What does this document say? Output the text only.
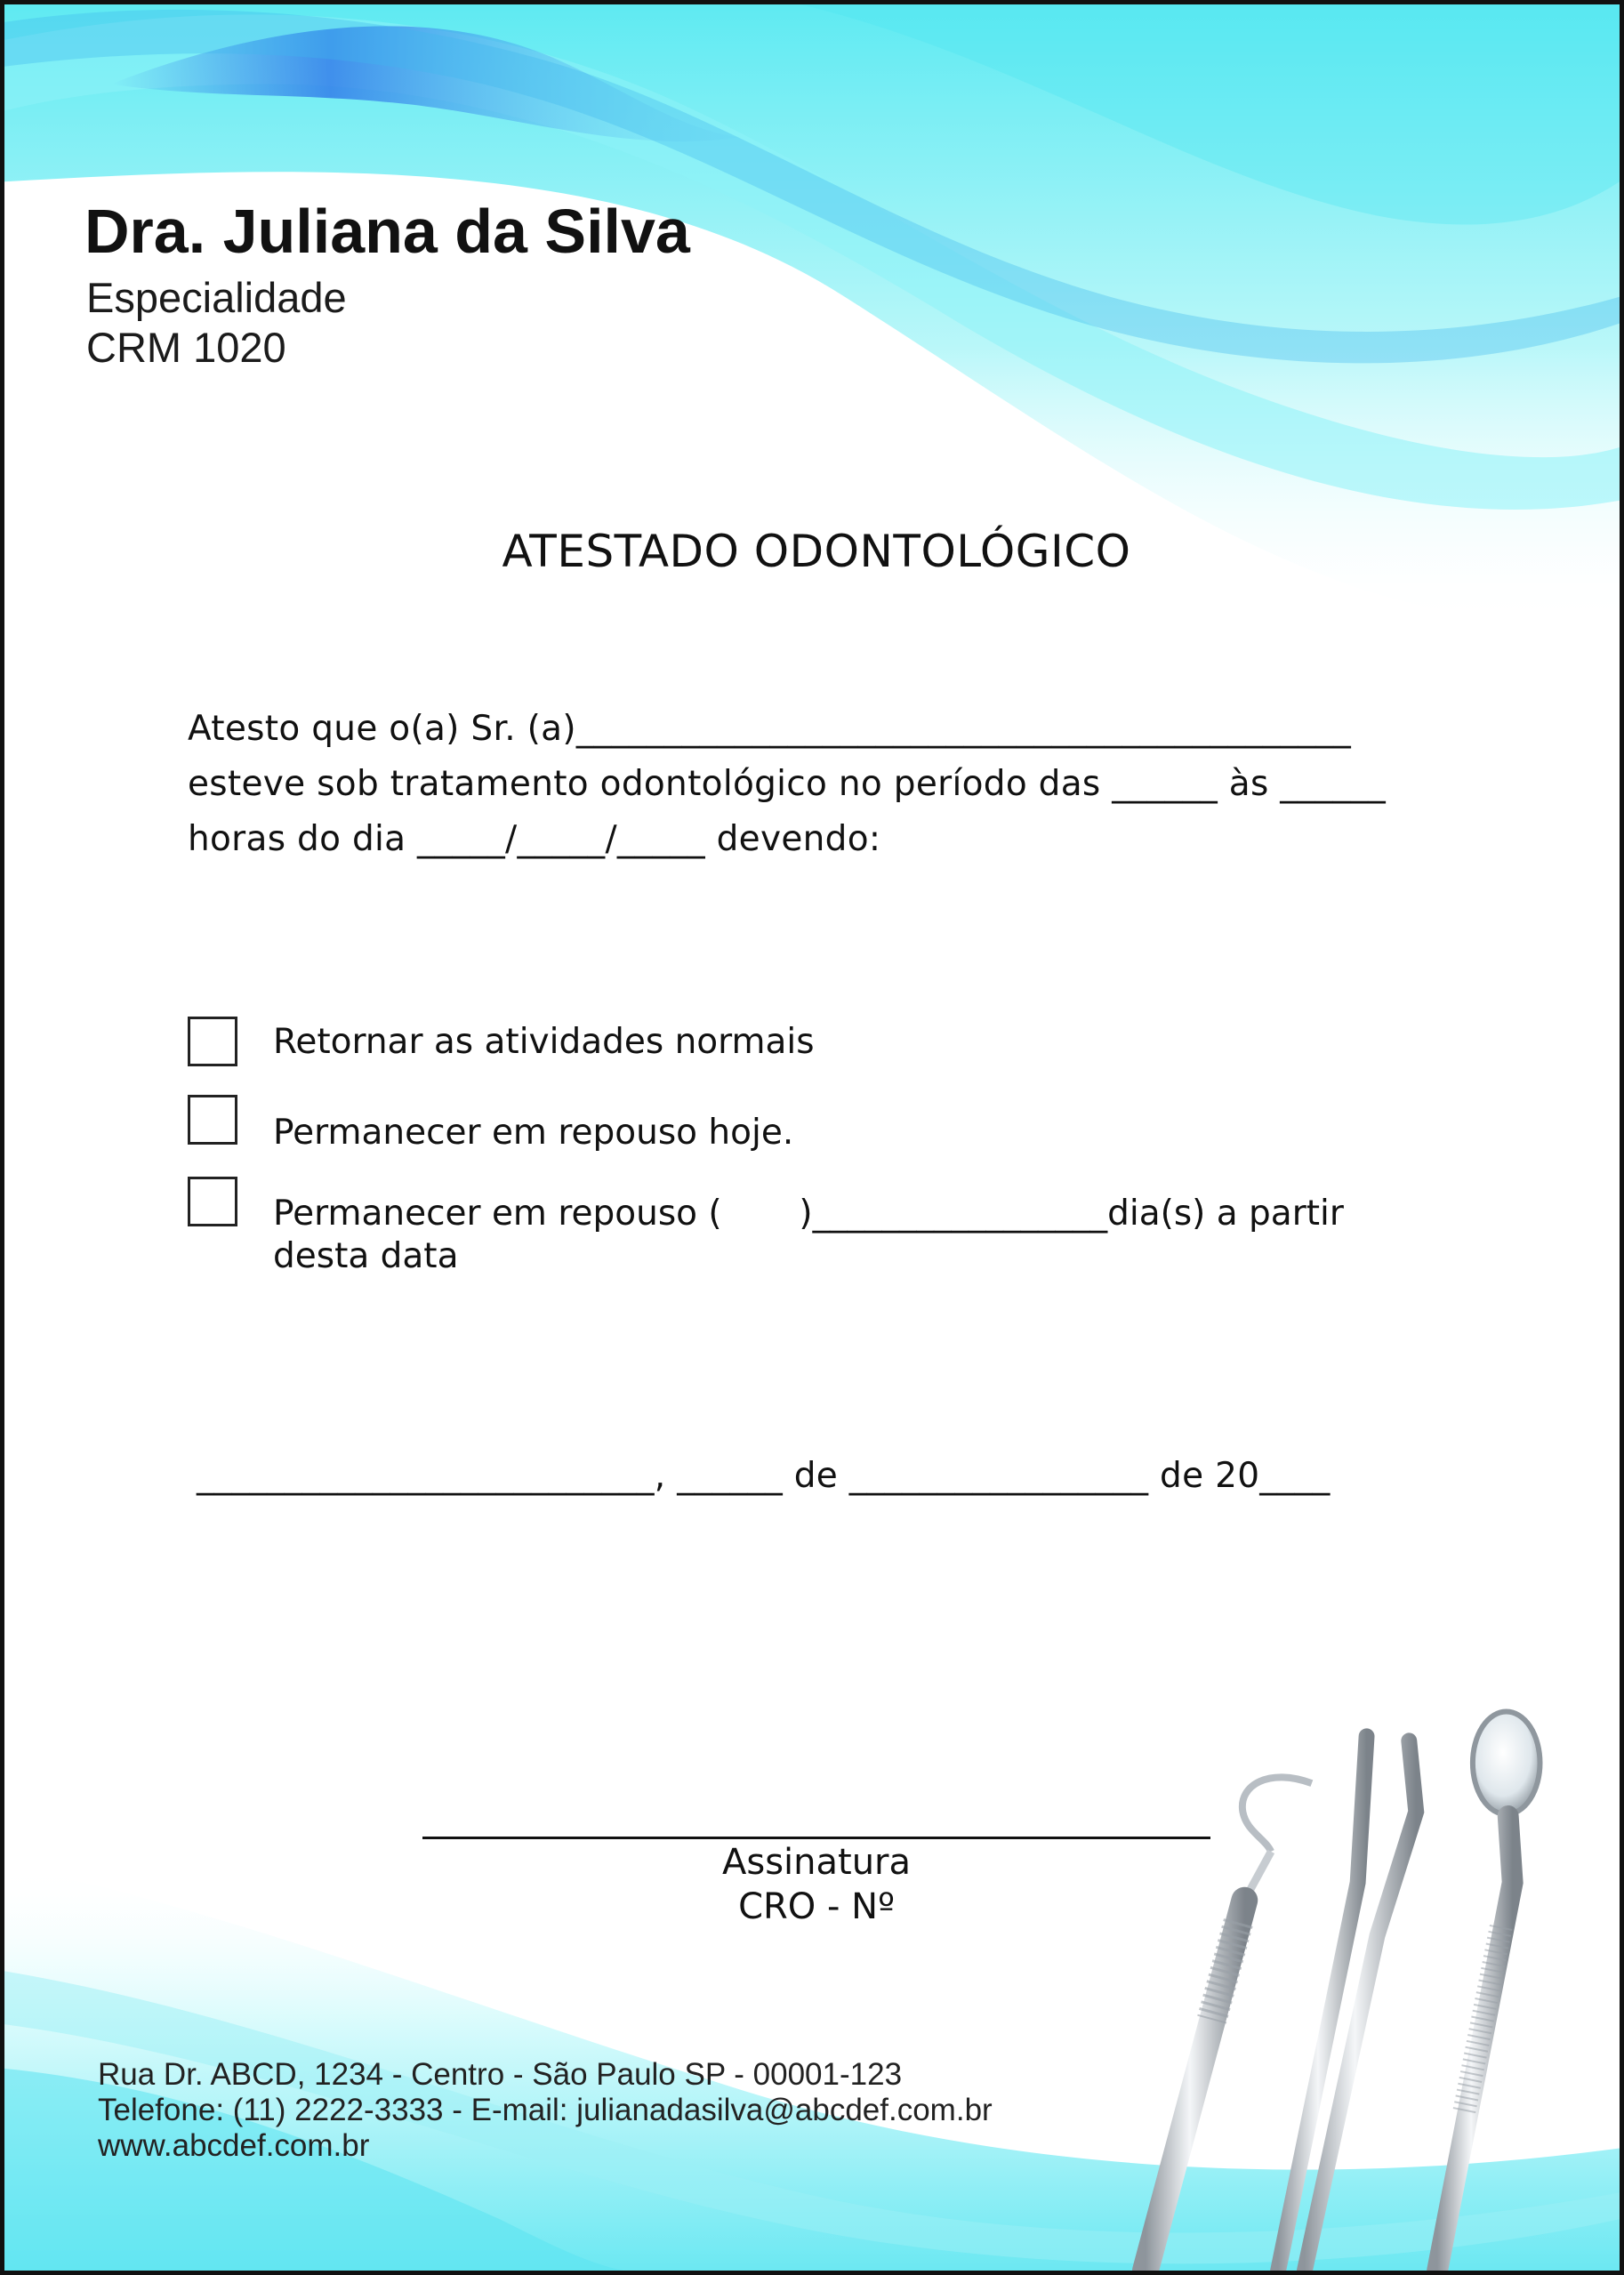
Dra. Juliana da Silva
Especialidade
CRM 1020
ATESTADO ODONTOLÓGICO
Atesto que o(a) Sr. (a)____________________________________________
esteve sob tratamento odontológico no período das ______ às ______
horas do dia _____/_____/_____ devendo:
Retornar as atividades normais
Permanecer em repouso hoje.
Permanecer em repouso (       )_________________dia(s) a partir
desta data
__________________________, ______ de _________________ de 20____
Assinatura
CRO - Nº
Rua Dr. ABCD, 1234 - Centro - São Paulo SP - 00001-123
Telefone: (11) 2222-3333 - E-mail: julianadasilva@abcdef.com.br
www.abcdef.com.br
